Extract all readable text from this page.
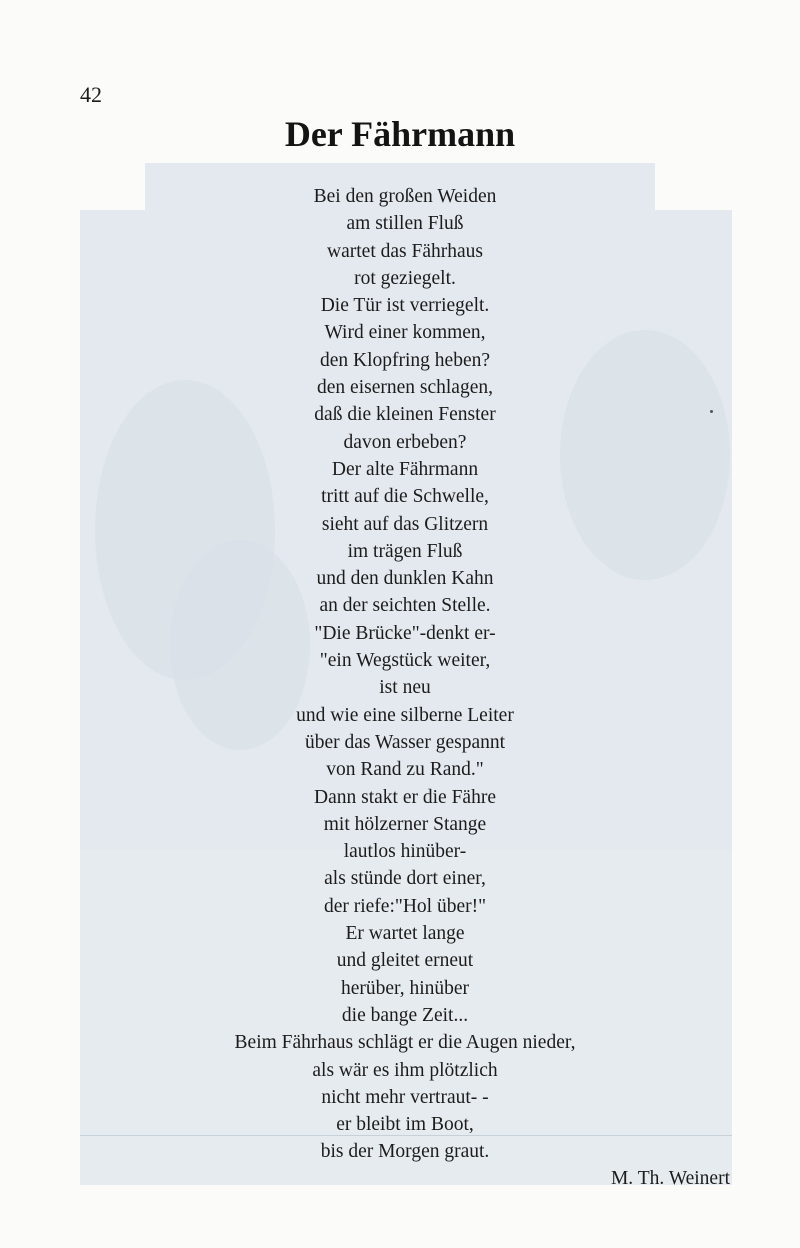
42
Der Fährmann
Bei den großen Weiden
am stillen Fluß
wartet das Fährhaus
rot geziegelt.
Die Tür ist verriegelt.
Wird einer kommen,
den Klopfring heben?
den eisernen schlagen,
daß die kleinen Fenster
davon erbeben?
Der alte Fährmann
tritt auf die Schwelle,
sieht auf das Glitzern
im trägen Fluß
und den dunklen Kahn
an der seichten Stelle.
"Die Brücke"-denkt er-
"ein Wegstück weiter,
ist neu
und wie eine silberne Leiter
über das Wasser gespannt
von Rand zu Rand."
Dann stakt er die Fähre
mit hölzerner Stange
lautlos hinüber-
als stünde dort einer,
der riefe:"Hol über!"
Er wartet lange
und gleitet erneut
herüber, hinüber
die bange Zeit...
Beim Fährhaus schlägt er die Augen nieder,
als wär es ihm plötzlich
nicht mehr vertraut- -
er bleibt im Boot,
bis der Morgen graut.
M. Th. Weinert
